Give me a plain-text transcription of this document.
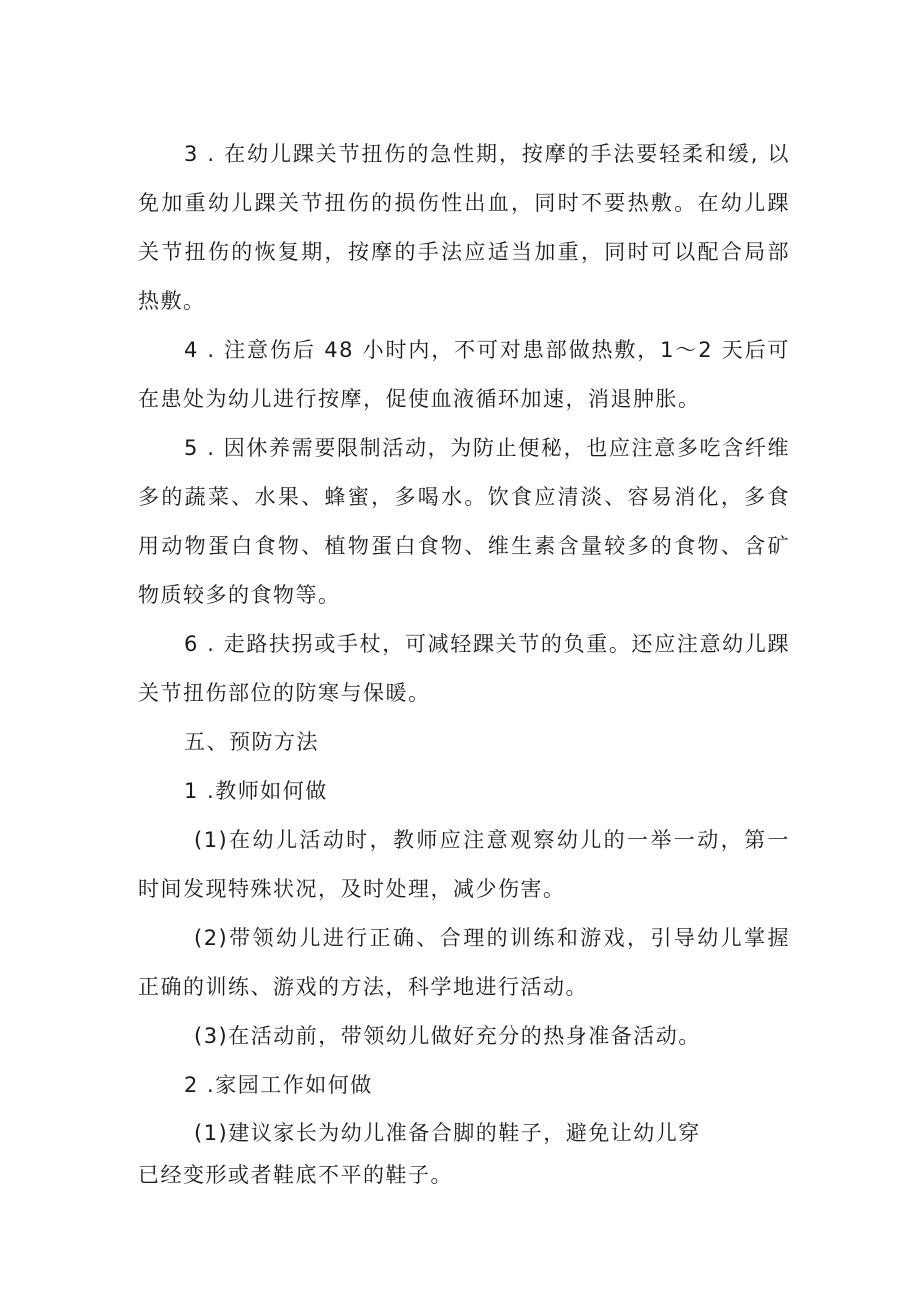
3 . 在幼儿踝关节扭伤的急性期，按摩的手法要轻柔和缓, 以免加重幼儿踝关节扭伤的损伤性出血，同时不要热敷。在幼儿踝关节扭伤的恢复期，按摩的手法应适当加重，同时可以配合局部热敷。

4 . 注意伤后 48 小时内，不可对患部做热敷，1〜2 天后可在患处为幼儿进行按摩，促使血液循环加速，消退肿胀。

5 . 因休养需要限制活动，为防止便秘，也应注意多吃含纤维多的蔬菜、水果、蜂蜜，多喝水。饮食应清淡、容易消化，多食用动物蛋白食物、植物蛋白食物、维生素含量较多的食物、含矿物质较多的食物等。

6 . 走路扶拐或手杖，可减轻踝关节的负重。还应注意幼儿踝关节扭伤部位的防寒与保暖。

五、预防方法

1 .教师如何做

(1)在幼儿活动时，教师应注意观察幼儿的一举一动，第一时间发现特殊状况，及时处理，减少伤害。

(2)带领幼儿进行正确、合理的训练和游戏，引导幼儿掌握正确的训练、游戏的方法，科学地进行活动。

(3)在活动前，带领幼儿做好充分的热身准备活动。

2 .家园工作如何做

(1)建议家长为幼儿准备合脚的鞋子，避免让幼儿穿

已经变形或者鞋底不平的鞋子。
